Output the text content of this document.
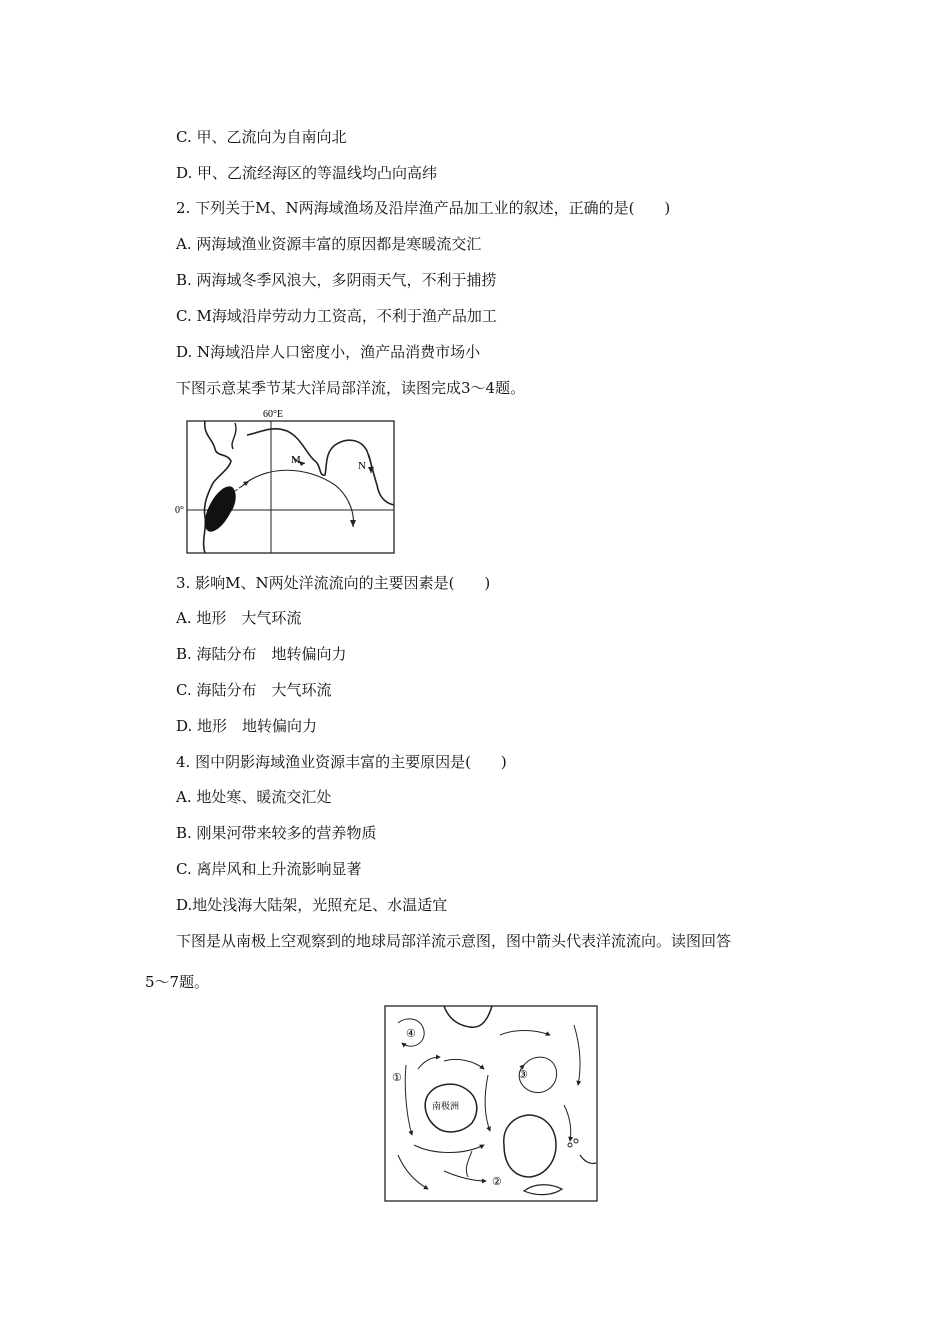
C. 甲、乙流向为自南向北
D. 甲、乙流经海区的等温线均凸向高纬
2. 下列关于M、N两海域渔场及沿岸渔产品加工业的叙述，正确的是(　　)
A. 两海域渔业资源丰富的原因都是寒暖流交汇
B. 两海域冬季风浪大，多阴雨天气，不利于捕捞
C. M海域沿岸劳动力工资高，不利于渔产品加工
D. N海域沿岸人口密度小，渔产品消费市场小
下图示意某季节某大洋局部洋流，读图完成3～4题。
60°E
0°
M	N
3. 影响M、N两处洋流流向的主要因素是(　　)
A. 地形　大气环流
B. 海陆分布　地转偏向力
C. 海陆分布　大气环流
D. 地形　地转偏向力
4. 图中阴影海域渔业资源丰富的主要原因是(　　)
A. 地处寒、暖流交汇处
B. 刚果河带来较多的营养物质
C. 离岸风和上升流影响显著
D.地处浅海大陆架，光照充足、水温适宜
下图是从南极上空观察到的地球局部洋流示意图，图中箭头代表洋流流向。读图回答
5～7题。
南极洲
④
①	③
②
